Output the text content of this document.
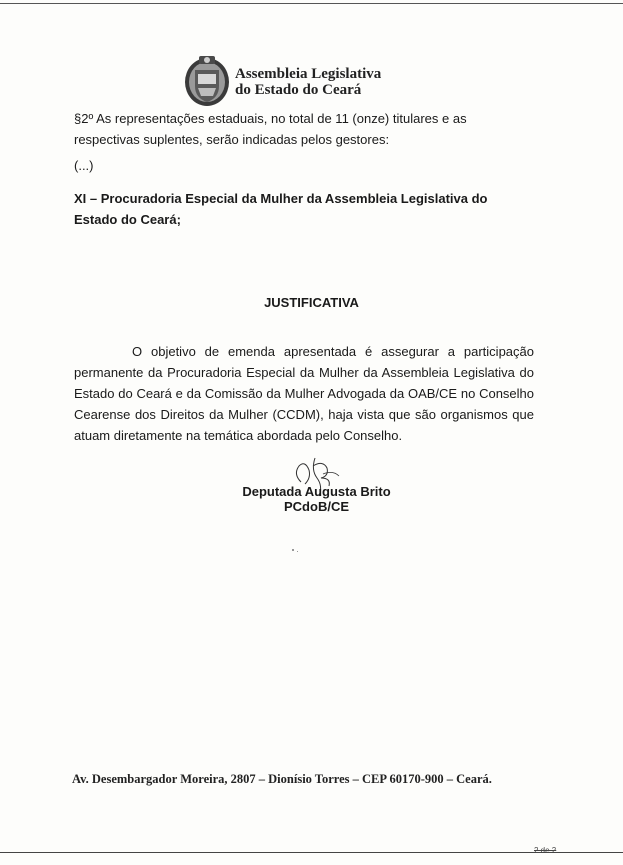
Assembleia Legislativa
do Estado do Ceará
§2º As representações estaduais, no total de 11 (onze) titulares e as respectivas suplentes, serão indicadas pelos gestores:
(...)
XI – Procuradoria Especial da Mulher da Assembleia Legislativa do Estado do Ceará;
JUSTIFICATIVA
O objetivo de emenda apresentada é assegurar a participação permanente da Procuradoria Especial da Mulher da Assembleia Legislativa do Estado do Ceará e da Comissão da Mulher Advogada da OAB/CE no Conselho Cearense dos Direitos da Mulher (CCDM), haja vista que são organismos que atuam diretamente na temática abordada pelo Conselho.
Deputada Augusta Brito
PCdoB/CE
Av. Desembargador Moreira, 2807 – Dionísio Torres – CEP 60170-900 – Ceará.
2 de 2
